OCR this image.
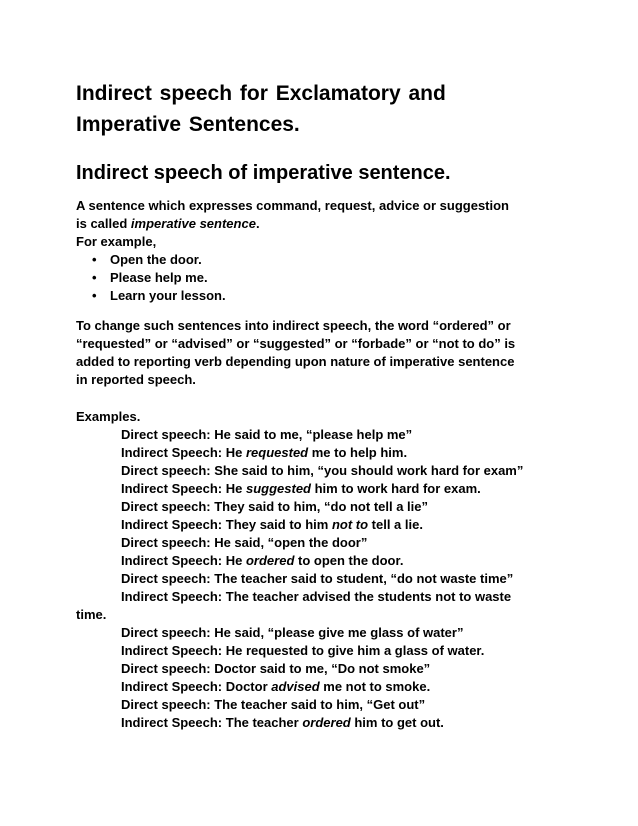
Indirect speech for Exclamatory and
Imperative Sentences.
Indirect speech of imperative sentence.
A sentence which expresses command, request, advice or suggestion
is called imperative sentence.
For example,
• Open the door.
• Please help me.
• Learn your lesson.
To change such sentences into indirect speech, the word “ordered” or
“requested” or “advised” or “suggested” or “forbade” or “not to do” is
added to reporting verb depending upon nature of imperative sentence
in reported speech.
Examples.
Direct speech: He said to me, “please help me”
Indirect Speech: He requested me to help him.
Direct speech: She said to him, “you should work hard for exam”
Indirect Speech: He suggested him to work hard for exam.
Direct speech: They said to him, “do not tell a lie”
Indirect Speech: They said to him not to tell a lie.
Direct speech: He said, “open the door”
Indirect Speech: He ordered to open the door.
Direct speech: The teacher said to student, “do not waste time”
Indirect Speech: The teacher advised the students not to waste
time.
Direct speech: He said, “please give me glass of water”
Indirect Speech: He requested to give him a glass of water.
Direct speech: Doctor said to me, “Do not smoke”
Indirect Speech: Doctor advised me not to smoke.
Direct speech: The teacher said to him, “Get out”
Indirect Speech: The teacher ordered him to get out.
